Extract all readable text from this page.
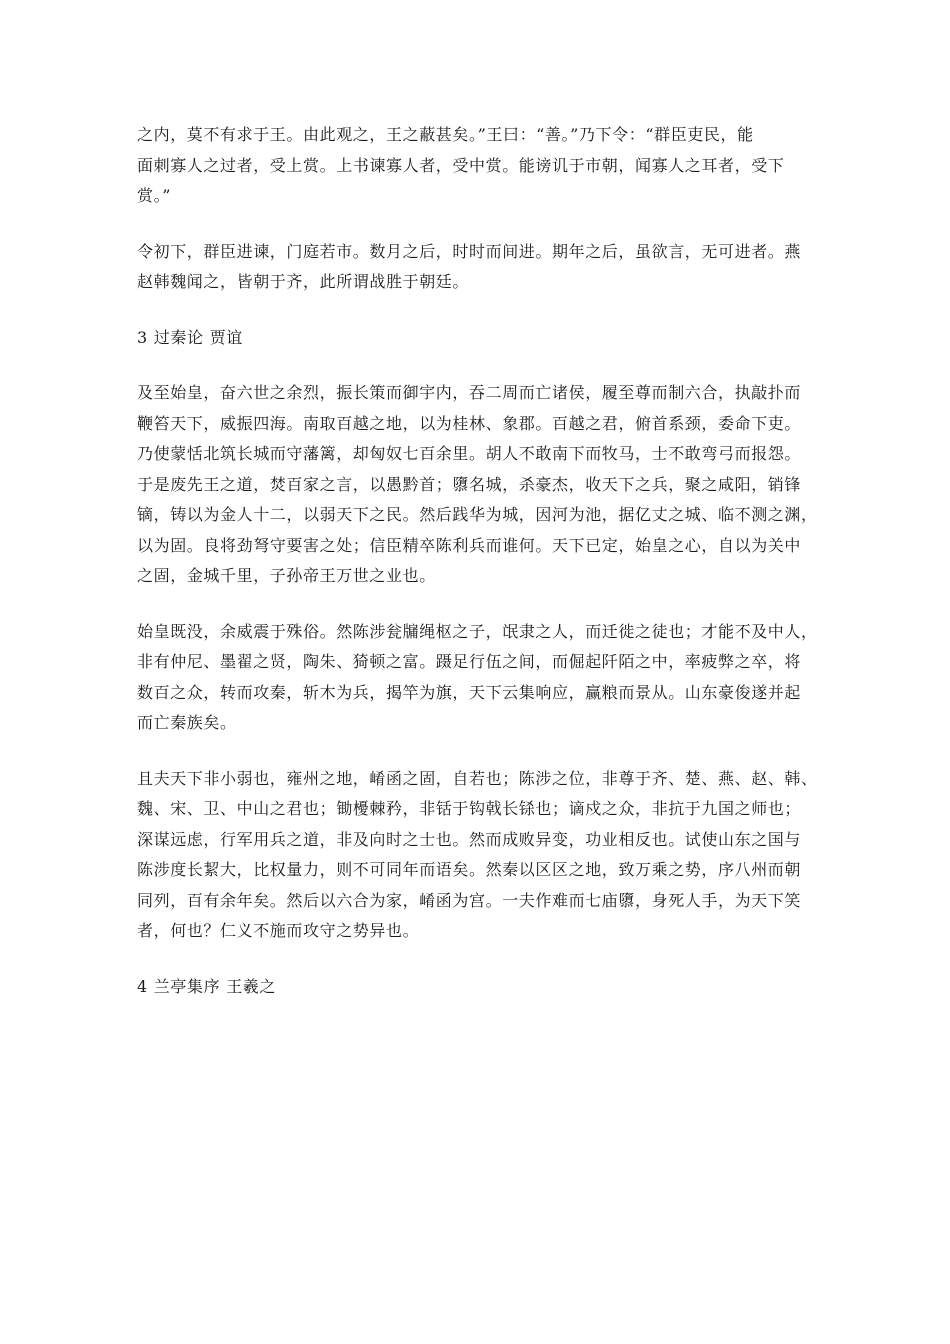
之内，莫不有求于王。由此观之，王之蔽甚矣。”王曰：“善。”乃下令：“群臣吏民，能
面刺寡人之过者，受上赏。上书谏寡人者，受中赏。能谤讥于市朝，闻寡人之耳者，受下
赏。”

令初下，群臣进谏，门庭若市。数月之后，时时而间进。期年之后，虽欲言，无可进者。燕
赵韩魏闻之，皆朝于齐，此所谓战胜于朝廷。

3 过秦论 贾谊

及至始皇，奋六世之余烈，振长策而御宇内，吞二周而亡诸侯，履至尊而制六合，执敲扑而
鞭笞天下，威振四海。南取百越之地，以为桂林、象郡。百越之君，俯首系颈，委命下吏。
乃使蒙恬北筑长城而守藩篱，却匈奴七百余里。胡人不敢南下而牧马，士不敢弯弓而报怨。
于是废先王之道，焚百家之言，以愚黔首；隳名城，杀豪杰，收天下之兵，聚之咸阳，销锋
镝，铸以为金人十二，以弱天下之民。然后践华为城，因河为池，据亿丈之城、临不测之渊，
以为固。良将劲弩守要害之处；信臣精卒陈利兵而谁何。天下已定，始皇之心，自以为关中
之固，金城千里，子孙帝王万世之业也。

始皇既没，余威震于殊俗。然陈涉瓮牖绳枢之子，氓隶之人，而迁徙之徒也；才能不及中人，
非有仲尼、墨翟之贤，陶朱、猗顿之富。蹑足行伍之间，而倔起阡陌之中，率疲弊之卒，将
数百之众，转而攻秦，斩木为兵，揭竿为旗，天下云集响应，赢粮而景从。山东豪俊遂并起
而亡秦族矣。

且夫天下非小弱也，雍州之地，崤函之固，自若也；陈涉之位，非尊于齐、楚、燕、赵、韩、
魏、宋、卫、中山之君也；锄櫌棘矜，非铦于钩戟长铩也；谪戍之众，非抗于九国之师也；
深谋远虑，行军用兵之道，非及向时之士也。然而成败异变，功业相反也。试使山东之国与
陈涉度长絜大，比权量力，则不可同年而语矣。然秦以区区之地，致万乘之势，序八州而朝
同列，百有余年矣。然后以六合为家，崤函为宫。一夫作难而七庙隳，身死人手，为天下笑
者，何也？仁义不施而攻守之势异也。

4 兰亭集序 王羲之
